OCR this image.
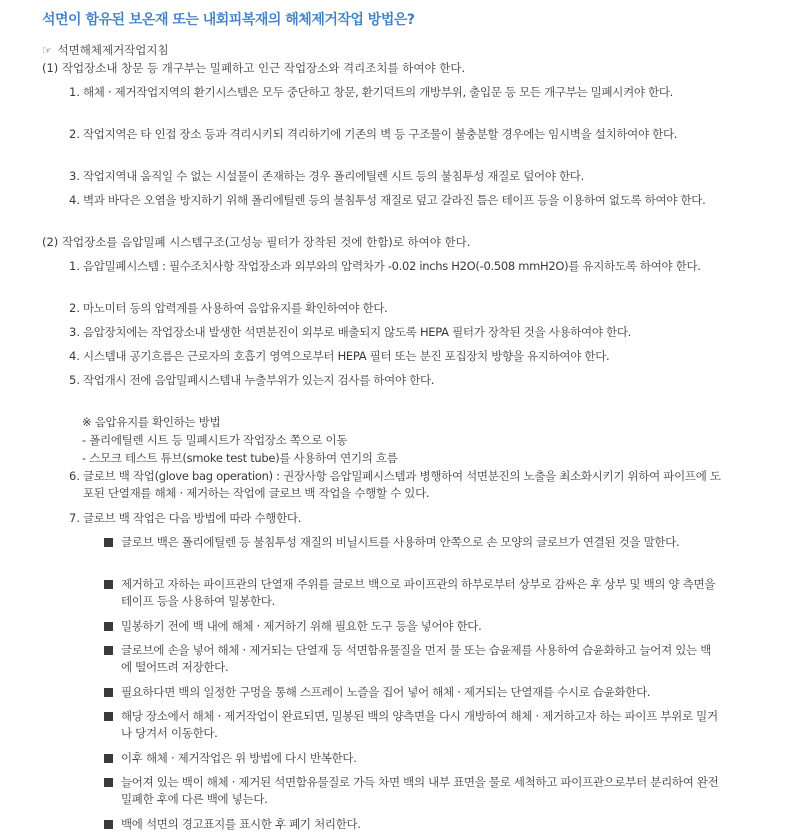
석면이 함유된 보온재 또는 내회피복재의 해체제거작업 방법은?
☞ 석면해체제거작업지침
(1) 작업장소내 창문 등 개구부는 밀폐하고 인근 작업장소와 격리조치를 하여야 한다.
1. 해체 · 제거작업지역의 환기시스템은 모두 중단하고 창문, 환기덕트의 개방부위, 출입문 등 모든 개구부는 밀폐시켜야 한다.
2. 작업지역은 타 인접 장소 등과 격리시키되 격리하기에 기존의 벽 등 구조물이 불충분할 경우에는 임시벽을 설치하여야 한다.
3. 작업지역내 움직일 수 없는 시설물이 존재하는 경우 폴리에틸렌 시트 등의 불침투성 재질로 덮어야 한다.
4. 벽과 바닥은 오염을 방지하기 위해 폴리에틸렌 등의 불침투성 재질로 덮고 갈라진 틈은 테이프 등을 이용하여 없도록 하여야 한다.
(2) 작업장소를 음압밀폐 시스템구조(고성능 필터가 장착된 것에 한함)로 하여야 한다.
1. 음압밀폐시스템 : 필수조치사항 작업장소과 외부와의 압력차가 -0.02 inchs H2O(-0.508 mmH2O)를 유지하도록 하여야 한다.
2. 마노미터 등의 압력계를 사용하여 음압유지를 확인하여야 한다.
3. 음압장치에는 작업장소내 발생한 석면분진이 외부로 배출되지 않도록 HEPA 필터가 장착된 것을 사용하여야 한다.
4. 시스템내 공기흐름은 근로자의 호흡기 영역으로부터 HEPA 필터 또는 분진 포집장치 방향을 유지하여야 한다.
5. 작업개시 전에 음압밀폐시스템내 누출부위가 있는지 검사를 하여야 한다.
※ 음압유지를 확인하는 방법
- 폴리에틸렌 시트 등 밀폐시트가 작업장소 쪽으로 이동
- 스모크 테스트 튜브(smoke test tube)를 사용하여 연기의 흐름
6. 글로브 백 작업(glove bag operation) : 권장사항 음압밀폐시스템과 병행하여 석면분진의 노출을 최소화시키기 위하여 파이프에 도포된 단열재를 해체 · 제거하는 작업에 글로브 백 작업을 수행할 수 있다.
7. 글로브 백 작업은 다음 방법에 따라 수행한다.
글로브 백은 폴리에틸렌 등 불침투성 재질의 비닐시트를 사용하며 안쪽으로 손 모양의 글로브가 연결된 것을 말한다.
제거하고 자하는 파이프관의 단열재 주위를 글로브 백으로 파이프관의 하부로부터 상부로 감싸은 후 상부 및 백의 양 측면을 테이프 등을 사용하여 밀봉한다.
밀봉하기 전에 백 내에 해체 · 제거하기 위해 필요한 도구 등을 넣어야 한다.
글로브에 손을 넣어 해체 · 제거되는 단열재 등 석면함유물질을 먼저 물 또는 습윤제를 사용하여 습윤화하고 늘어져 있는 백에 떨어뜨려 저장한다.
필요하다면 백의 일정한 구멍을 통해 스프레이 노즐을 집어 넣어 해체 · 제거되는 단열재를 수시로 습윤화한다.
해당 장소에서 해체 · 제거작업이 완료되면, 밀봉된 백의 양측면을 다시 개방하여 해체 · 제거하고자 하는 파이프 부위로 밀거나 당겨서 이동한다.
이후 해체 · 제거작업은 위 방법에 다시 반복한다.
늘어져 있는 백이 해체 · 제거된 석면함유물질로 가득 차면 백의 내부 표면을 물로 세척하고 파이프관으로부터 분리하여 완전 밀폐한 후에 다른 백에 넣는다.
백에 석면의 경고표지를 표시한 후 폐기 처리한다.
